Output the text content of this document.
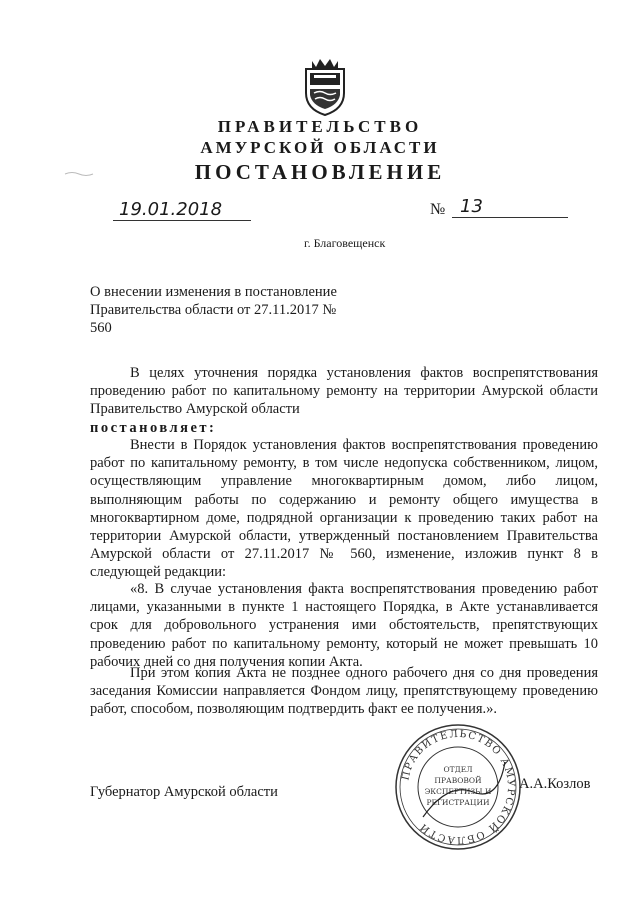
ПРАВИТЕЛЬСТВО
АМУРСКОЙ ОБЛАСТИ
ПОСТАНОВЛЕНИЕ
19.01.2018	№ 13
г. Благовещенск
О внесении изменения в постановление Правительства области от 27.11.2017 № 560
В целях уточнения порядка установления фактов воспрепятствования проведению работ по капитальному ремонту на территории Амурской области Правительство Амурской области
постановляет:
Внести в Порядок установления фактов воспрепятствования проведению работ по капитальному ремонту, в том числе недопуска собственником, лицом, осуществляющим управление многоквартирным домом, либо лицом, выполняющим работы по содержанию и ремонту общего имущества в многоквартирном доме, подрядной организации к проведению таких работ на территории Амурской области, утвержденный постановлением Правительства Амурской области от 27.11.2017 № 560, изменение, изложив пункт 8 в следующей редакции:
«8. В случае установления факта воспрепятствования проведению работ лицами, указанными в пункте 1 настоящего Порядка, в Акте устанавливается срок для добровольного устранения ими обстоятельств, препятствующих проведению работ по капитальному ремонту, который не может превышать 10 рабочих дней со дня получения копии Акта.
При этом копия Акта не позднее одного рабочего дня со дня проведения заседания Комиссии направляется Фондом лицу, препятствующему проведению работ, способом, позволяющим подтвердить факт ее получения.».
Губернатор Амурской области	А.А.Козлов
ПРАВИТЕЛЬСТВО АМУРСКОЙ ОБЛАСТИ
ОТДЕЛ
ПРАВОВОЙ
ЭКСПЕРТИЗЫ И
РЕГИСТРАЦИИ
